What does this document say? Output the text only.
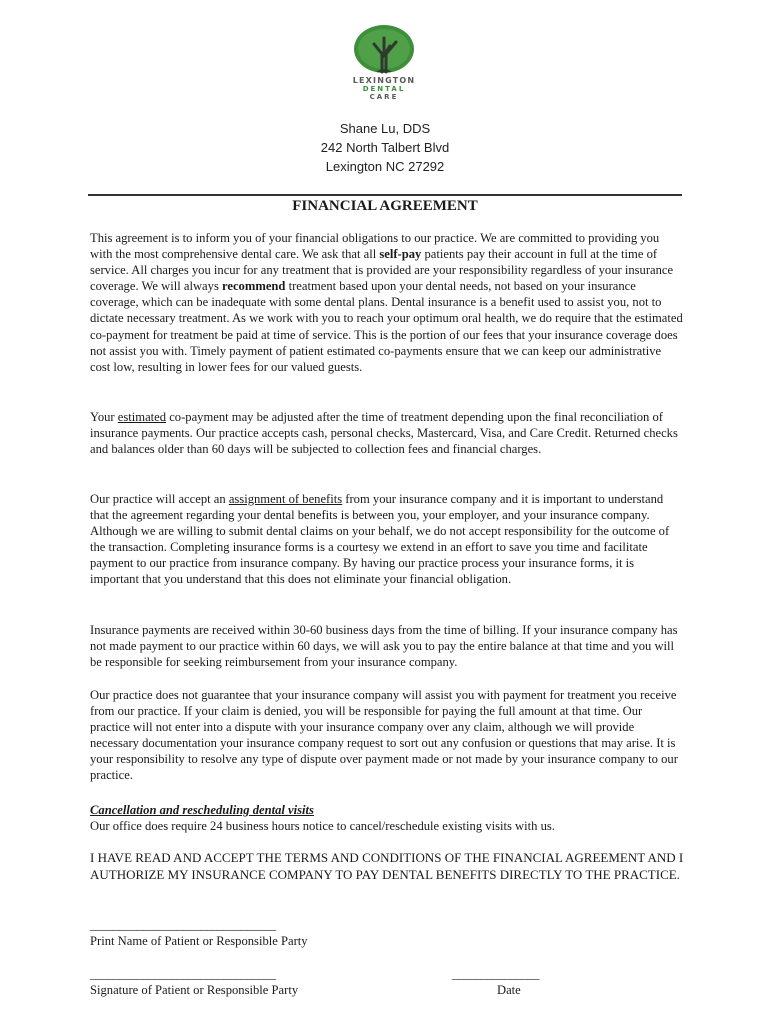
LEXINGTON
DENTAL
CARE
Shane Lu, DDS
242 North Talbert Blvd
Lexington NC 27292
FINANCIAL AGREEMENT

This agreement is to inform you of your financial obligations to our practice. We are committed to providing you with the most comprehensive dental care. We ask that all self-pay patients pay their account in full at the time of service. All charges you incur for any treatment that is provided are your responsibility regardless of your insurance coverage. We will always recommend treatment based upon your dental needs, not based on your insurance coverage, which can be inadequate with some dental plans. Dental insurance is a benefit used to assist you, not to dictate necessary treatment. As we work with you to reach your optimum oral health, we do require that the estimated co-payment for treatment be paid at time of service. This is the portion of our fees that your insurance coverage does not assist you with. Timely payment of patient estimated co-payments ensure that we can keep our administrative cost low, resulting in lower fees for our valued guests.

Your estimated co-payment may be adjusted after the time of treatment depending upon the final reconciliation of insurance payments. Our practice accepts cash, personal checks, Mastercard, Visa, and Care Credit. Returned checks and balances older than 60 days will be subjected to collection fees and financial charges.

Our practice will accept an assignment of benefits from your insurance company and it is important to understand that the agreement regarding your dental benefits is between you, your employer, and your insurance company. Although we are willing to submit dental claims on your behalf, we do not accept responsibility for the outcome of the transaction. Completing insurance forms is a courtesy we extend in an effort to save you time and facilitate payment to our practice from insurance company. By having our practice process your insurance forms, it is important that you understand that this does not eliminate your financial obligation.

Insurance payments are received within 30-60 business days from the time of billing. If your insurance company has not made payment to our practice within 60 days, we will ask you to pay the entire balance at that time and you will be responsible for seeking reimbursement from your insurance company.

Our practice does not guarantee that your insurance company will assist you with payment for treatment you receive from our practice. If your claim is denied, you will be responsible for paying the full amount at that time. Our practice will not enter into a dispute with your insurance company over any claim, although we will provide necessary documentation your insurance company request to sort out any confusion or questions that may arise. It is your responsibility to resolve any type of dispute over payment made or not made by your insurance company to our practice.

Cancellation and rescheduling dental visits
Our office does require 24 business hours notice to cancel/reschedule existing visits with us.

I HAVE READ AND ACCEPT THE TERMS AND CONDITIONS OF THE FINANCIAL AGREEMENT AND I AUTHORIZE MY INSURANCE COMPANY TO PAY DENTAL BENEFITS DIRECTLY TO THE PRACTICE.

________________________________
Print Name of Patient or Responsible Party
________________________________
Signature of Patient or Responsible Party
_______________
Date
